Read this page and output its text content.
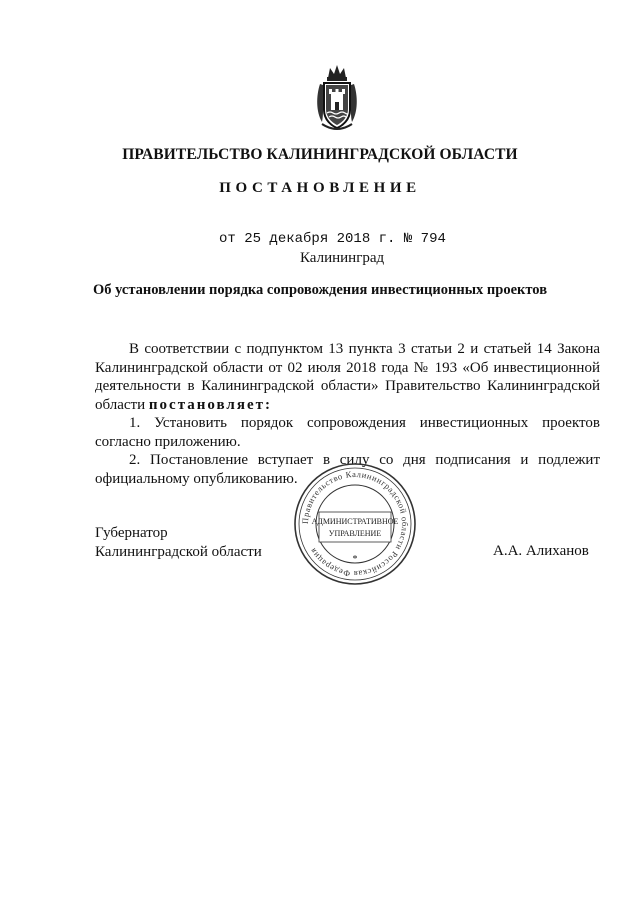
ПРАВИТЕЛЬСТВО КАЛИНИНГРАДСКОЙ ОБЛАСТИ
ПОСТАНОВЛЕНИЕ
от 25 декабря 2018 г. № 794
Калининград
Об установлении порядка сопровождения инвестиционных проектов

В соответствии с подпунктом 13 пункта 3 статьи 2 и статьей 14 Закона Калининградской области от 02 июля 2018 года № 193 «Об инвестиционной деятельности в Калининградской области» Правительство Калининградской области постановляет:

1. Установить порядок сопровождения инвестиционных проектов согласно приложению.

2. Постановление вступает в силу со дня подписания и подлежит официальному опубликованию.

Губернатор
Калининградской области
Правительство Калининградской области Российская Федерация
АДМИНИСТРАТИВНОЕ
УПРАВЛЕНИЕ
*
А.А. Алиханов
